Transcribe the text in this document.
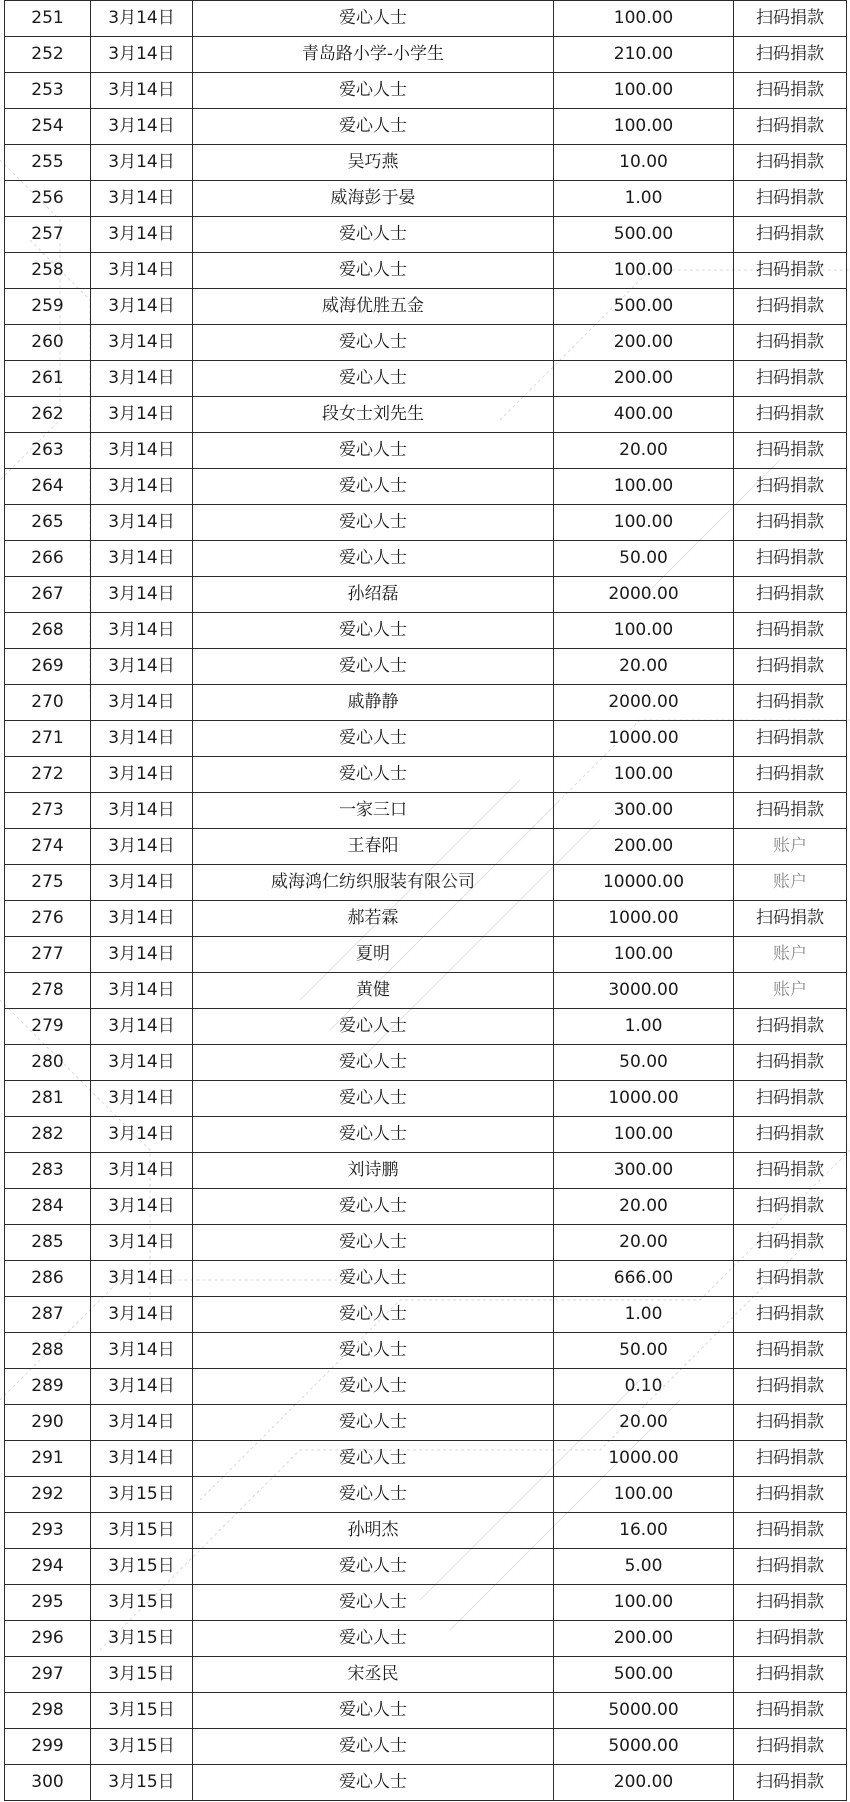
251	3月14日	爱心人士	100.00	扫码捐款
252	3月14日	青岛路小学-小学生	210.00	扫码捐款
253	3月14日	爱心人士	100.00	扫码捐款
254	3月14日	爱心人士	100.00	扫码捐款
255	3月14日	吴巧燕	10.00	扫码捐款
256	3月14日	威海彭于晏	1.00	扫码捐款
257	3月14日	爱心人士	500.00	扫码捐款
258	3月14日	爱心人士	100.00	扫码捐款
259	3月14日	威海优胜五金	500.00	扫码捐款
260	3月14日	爱心人士	200.00	扫码捐款
261	3月14日	爱心人士	200.00	扫码捐款
262	3月14日	段女士刘先生	400.00	扫码捐款
263	3月14日	爱心人士	20.00	扫码捐款
264	3月14日	爱心人士	100.00	扫码捐款
265	3月14日	爱心人士	100.00	扫码捐款
266	3月14日	爱心人士	50.00	扫码捐款
267	3月14日	孙绍磊	2000.00	扫码捐款
268	3月14日	爱心人士	100.00	扫码捐款
269	3月14日	爱心人士	20.00	扫码捐款
270	3月14日	戚静静	2000.00	扫码捐款
271	3月14日	爱心人士	1000.00	扫码捐款
272	3月14日	爱心人士	100.00	扫码捐款
273	3月14日	一家三口	300.00	扫码捐款
274	3月14日	王春阳	200.00	账户
275	3月14日	威海鸿仁纺织服装有限公司	10000.00	账户
276	3月14日	郝若霖	1000.00	扫码捐款
277	3月14日	夏明	100.00	账户
278	3月14日	黄健	3000.00	账户
279	3月14日	爱心人士	1.00	扫码捐款
280	3月14日	爱心人士	50.00	扫码捐款
281	3月14日	爱心人士	1000.00	扫码捐款
282	3月14日	爱心人士	100.00	扫码捐款
283	3月14日	刘诗鹏	300.00	扫码捐款
284	3月14日	爱心人士	20.00	扫码捐款
285	3月14日	爱心人士	20.00	扫码捐款
286	3月14日	爱心人士	666.00	扫码捐款
287	3月14日	爱心人士	1.00	扫码捐款
288	3月14日	爱心人士	50.00	扫码捐款
289	3月14日	爱心人士	0.10	扫码捐款
290	3月14日	爱心人士	20.00	扫码捐款
291	3月14日	爱心人士	1000.00	扫码捐款
292	3月15日	爱心人士	100.00	扫码捐款
293	3月15日	孙明杰	16.00	扫码捐款
294	3月15日	爱心人士	5.00	扫码捐款
295	3月15日	爱心人士	100.00	扫码捐款
296	3月15日	爱心人士	200.00	扫码捐款
297	3月15日	宋丞民	500.00	扫码捐款
298	3月15日	爱心人士	5000.00	扫码捐款
299	3月15日	爱心人士	5000.00	扫码捐款
300	3月15日	爱心人士	200.00	扫码捐款
